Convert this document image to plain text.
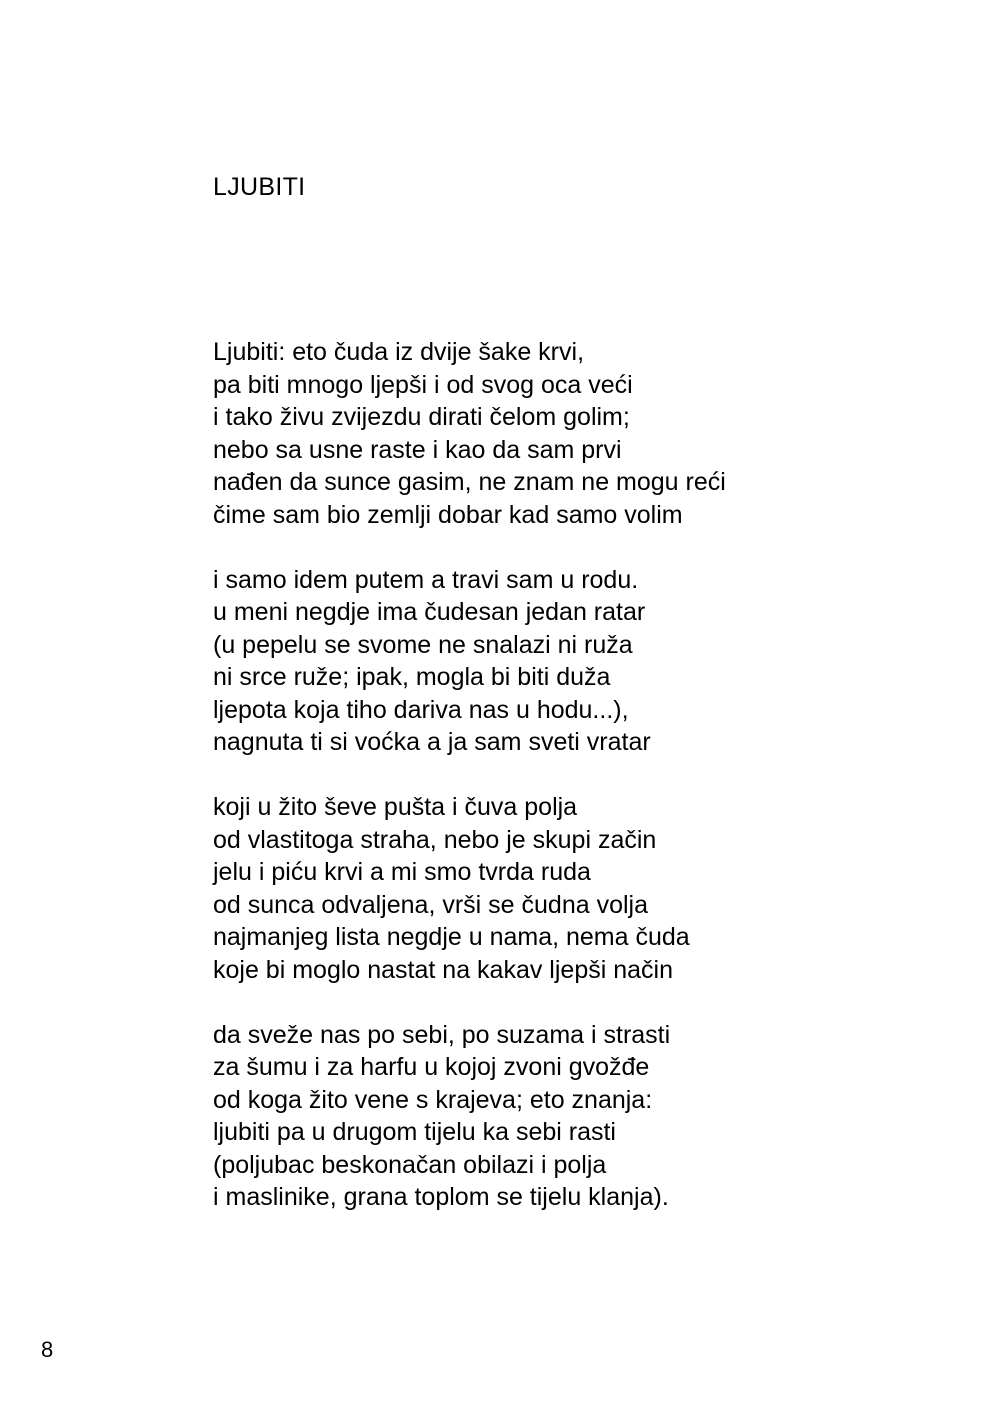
LJUBITI
Ljubiti: eto čuda iz dvije šake krvi,
pa biti mnogo ljepši i od svog oca veći
i tako živu zvijezdu dirati čelom golim;
nebo sa usne raste i kao da sam prvi
nađen da sunce gasim, ne znam ne mogu reći
čime sam bio zemlji dobar kad samo volim
i samo idem putem a travi sam u rodu.
u meni negdje ima čudesan jedan ratar
(u pepelu se svome ne snalazi ni ruža
ni srce ruže; ipak, mogla bi biti duža
ljepota koja tiho dariva nas u hodu...),
nagnuta ti si voćka a ja sam sveti vratar
koji u žito ševe pušta i čuva polja
od vlastitoga straha, nebo je skupi začin
jelu i piću krvi a mi smo tvrda ruda
od sunca odvaljena, vrši se čudna volja
najmanjeg lista negdje u nama, nema čuda
koje bi moglo nastat na kakav ljepši način
da sveže nas po sebi, po suzama i strasti
za šumu i za harfu u kojoj zvoni gvožđe
od koga žito vene s krajeva; eto znanja:
ljubiti pa u drugom tijelu ka sebi rasti
(poljubac beskonačan obilazi i polja
i maslinike, grana toplom se tijelu klanja).
8
